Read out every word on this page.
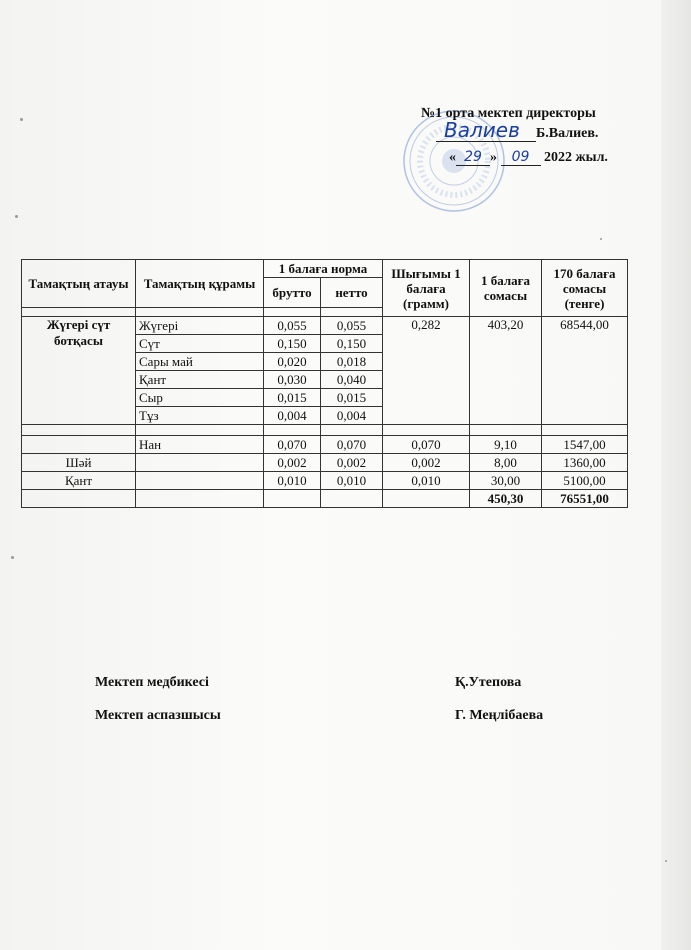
№1 орта мектеп директоры
Б.Валиев.
« 29 » 09 2022 жыл.
Валиев
Тамақтың атауы	Тамақтың құрамы	1 балаға норма		Шығымы 1 балаға (грамм)	1 балаға сомасы	170 балаға сомасы (тенге)
		брутто	нетто			

Жүгері сүт ботқасы	Жүгері	0,055	0,055	0,282	403,20	68544,00
	Сүт	0,150	0,150			
	Сары май	0,020	0,018			
	Қант	0,030	0,040			
	Сыр	0,015	0,015			
	Тұз	0,004	0,004			

	Нан	0,070	0,070	0,070	9,10	1547,00
Шәй		0,002	0,002	0,002	8,00	1360,00
Қант		0,010	0,010	0,010	30,00	5100,00
					450,30	76551,00
Мектеп медбикесі	Қ.Утепова
Мектеп аспазшысы	Г. Меңлібаева
